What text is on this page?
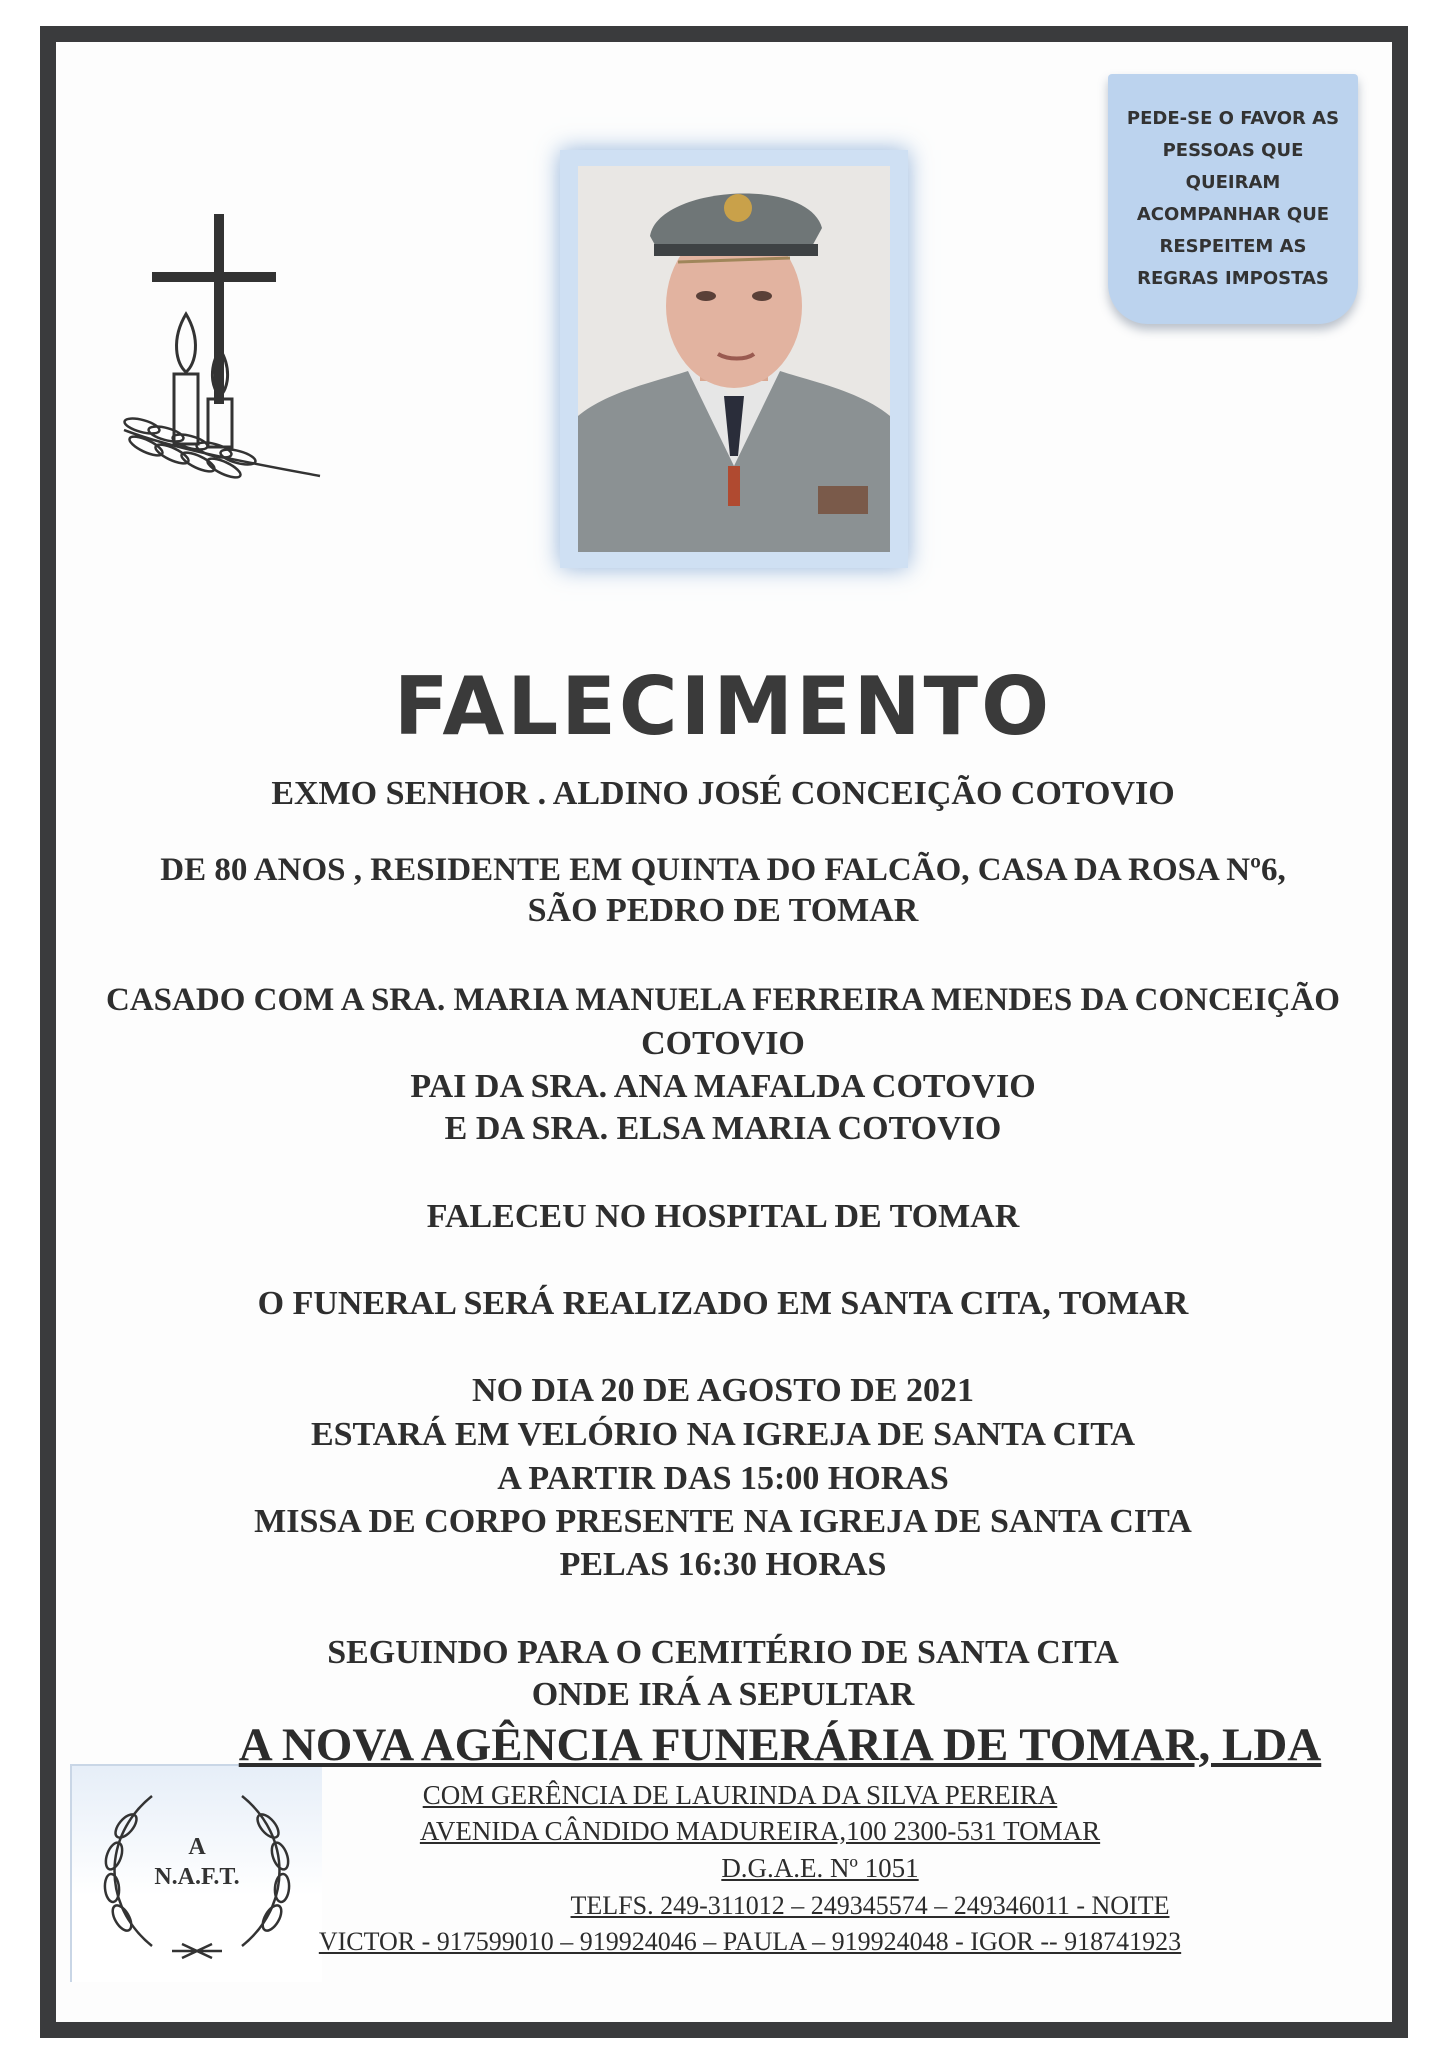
PEDE-SE O FAVOR AS
PESSOAS QUE
QUEIRAM
ACOMPANHAR QUE
RESPEITEM AS
REGRAS IMPOSTAS
FALECIMENTO
EXMO SENHOR . ALDINO JOSÉ CONCEIÇÃO COTOVIO
DE 80 ANOS , RESIDENTE EM QUINTA DO FALCÃO, CASA DA ROSA Nº6,
SÃO PEDRO DE TOMAR
CASADO COM A SRA. MARIA MANUELA FERREIRA MENDES DA CONCEIÇÃO
COTOVIO
PAI DA SRA. ANA MAFALDA COTOVIO
E DA SRA. ELSA MARIA COTOVIO
FALECEU NO HOSPITAL DE TOMAR
O FUNERAL SERÁ REALIZADO EM SANTA CITA, TOMAR
NO DIA 20 DE AGOSTO DE 2021
ESTARÁ EM VELÓRIO NA IGREJA DE SANTA CITA
A PARTIR DAS 15:00 HORAS
MISSA DE CORPO PRESENTE NA IGREJA DE SANTA CITA
PELAS 16:30 HORAS
SEGUINDO PARA O CEMITÉRIO DE SANTA CITA
ONDE IRÁ A SEPULTAR
A
N.A.F.T.
A NOVA AGÊNCIA FUNERÁRIA DE TOMAR, LDA
COM GERÊNCIA DE LAURINDA DA SILVA PEREIRA
AVENIDA CÂNDIDO MADUREIRA,100 2300-531 TOMAR
D.G.A.E. Nº 1051
TELFS. 249-311012 – 249345574 – 249346011 - NOITE
VICTOR - 917599010 – 919924046 – PAULA – 919924048 - IGOR -- 918741923
